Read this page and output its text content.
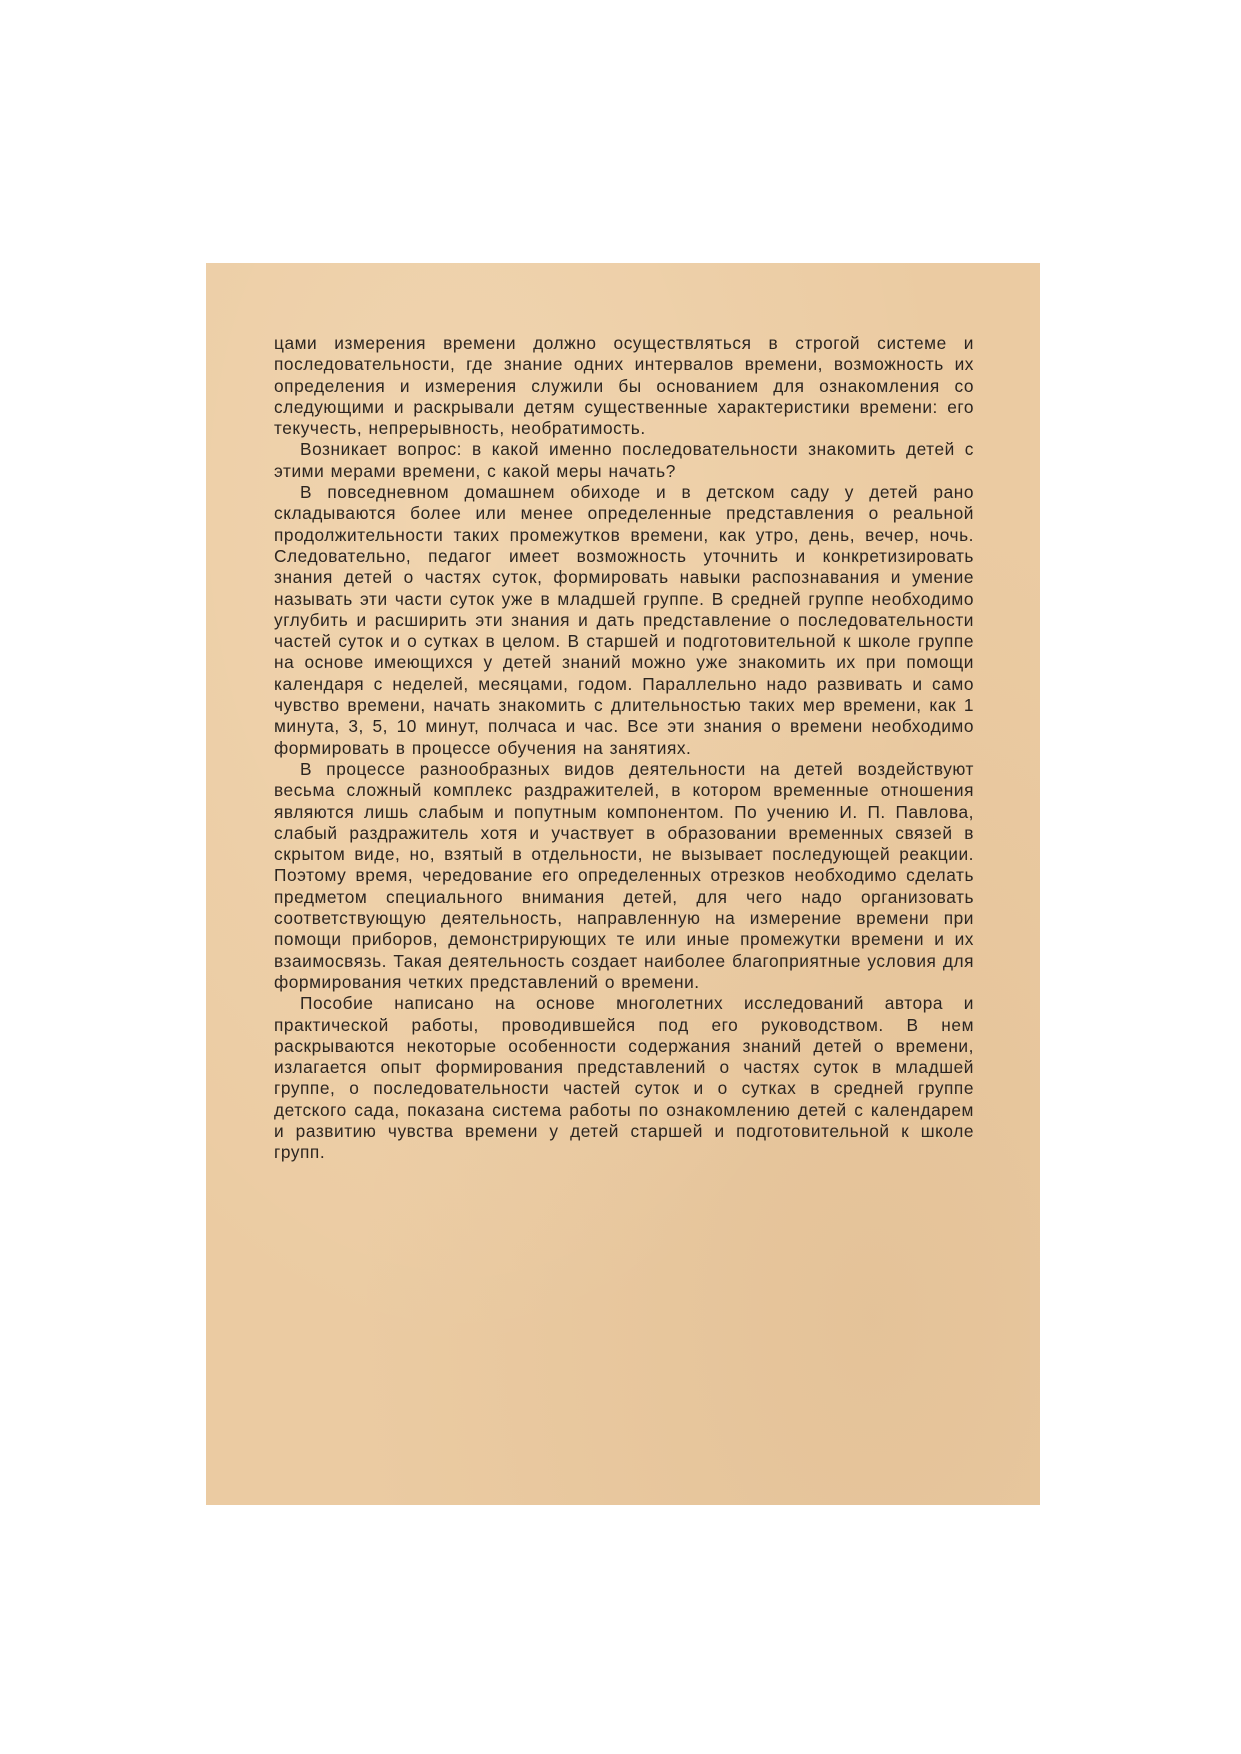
цами измерения времени должно осуществляться в строгой системе и последовательности, где знание одних интервалов времени, возможность их определения и измерения служили бы основанием для ознакомления со следующими и раскрывали детям существенные характеристики времени: его текучесть, непрерывность, необратимость.

Возникает вопрос: в какой именно последовательности знакомить детей с этими мерами времени, с какой меры начать?

В повседневном домашнем обиходе и в детском саду у детей рано складываются более или менее определенные представления о реальной продолжительности таких промежутков времени, как утро, день, вечер, ночь. Следовательно, педагог имеет возможность уточнить и конкретизировать знания детей о частях суток, формировать навыки распознавания и умение называть эти части суток уже в младшей группе. В средней группе необходимо углубить и расширить эти знания и дать представление о последовательности частей суток и о сутках в целом. В старшей и подготовительной к школе группе на основе имеющихся у детей знаний можно уже знакомить их при помощи календаря с неделей, месяцами, годом. Параллельно надо развивать и само чувство времени, начать знакомить с длительностью таких мер времени, как 1 минута, 3, 5, 10 минут, полчаса и час. Все эти знания о времени необходимо формировать в процессе обучения на занятиях.

В процессе разнообразных видов деятельности на детей воздействуют весьма сложный комплекс раздражителей, в котором временные отношения являются лишь слабым и попутным компонентом. По учению И. П. Павлова, слабый раздражитель хотя и участвует в образовании временных связей в скрытом виде, но, взятый в отдельности, не вызывает последующей реакции. Поэтому время, чередование его определенных отрезков необходимо сделать предметом специального внимания детей, для чего надо организовать соответствующую деятельность, направленную на измерение времени при помощи приборов, демонстрирующих те или иные промежутки времени и их взаимосвязь. Такая деятельность создает наиболее благоприятные условия для формирования четких представлений о времени.

Пособие написано на основе многолетних исследований автора и практической работы, проводившейся под его руководством. В нем раскрываются некоторые особенности содержания знаний детей о времени, излагается опыт формирования представлений о частях суток в младшей группе, о последовательности частей суток и о сутках в средней группе детского сада, показана система работы по ознакомлению детей с календарем и развитию чувства времени у детей старшей и подготовительной к школе групп.
